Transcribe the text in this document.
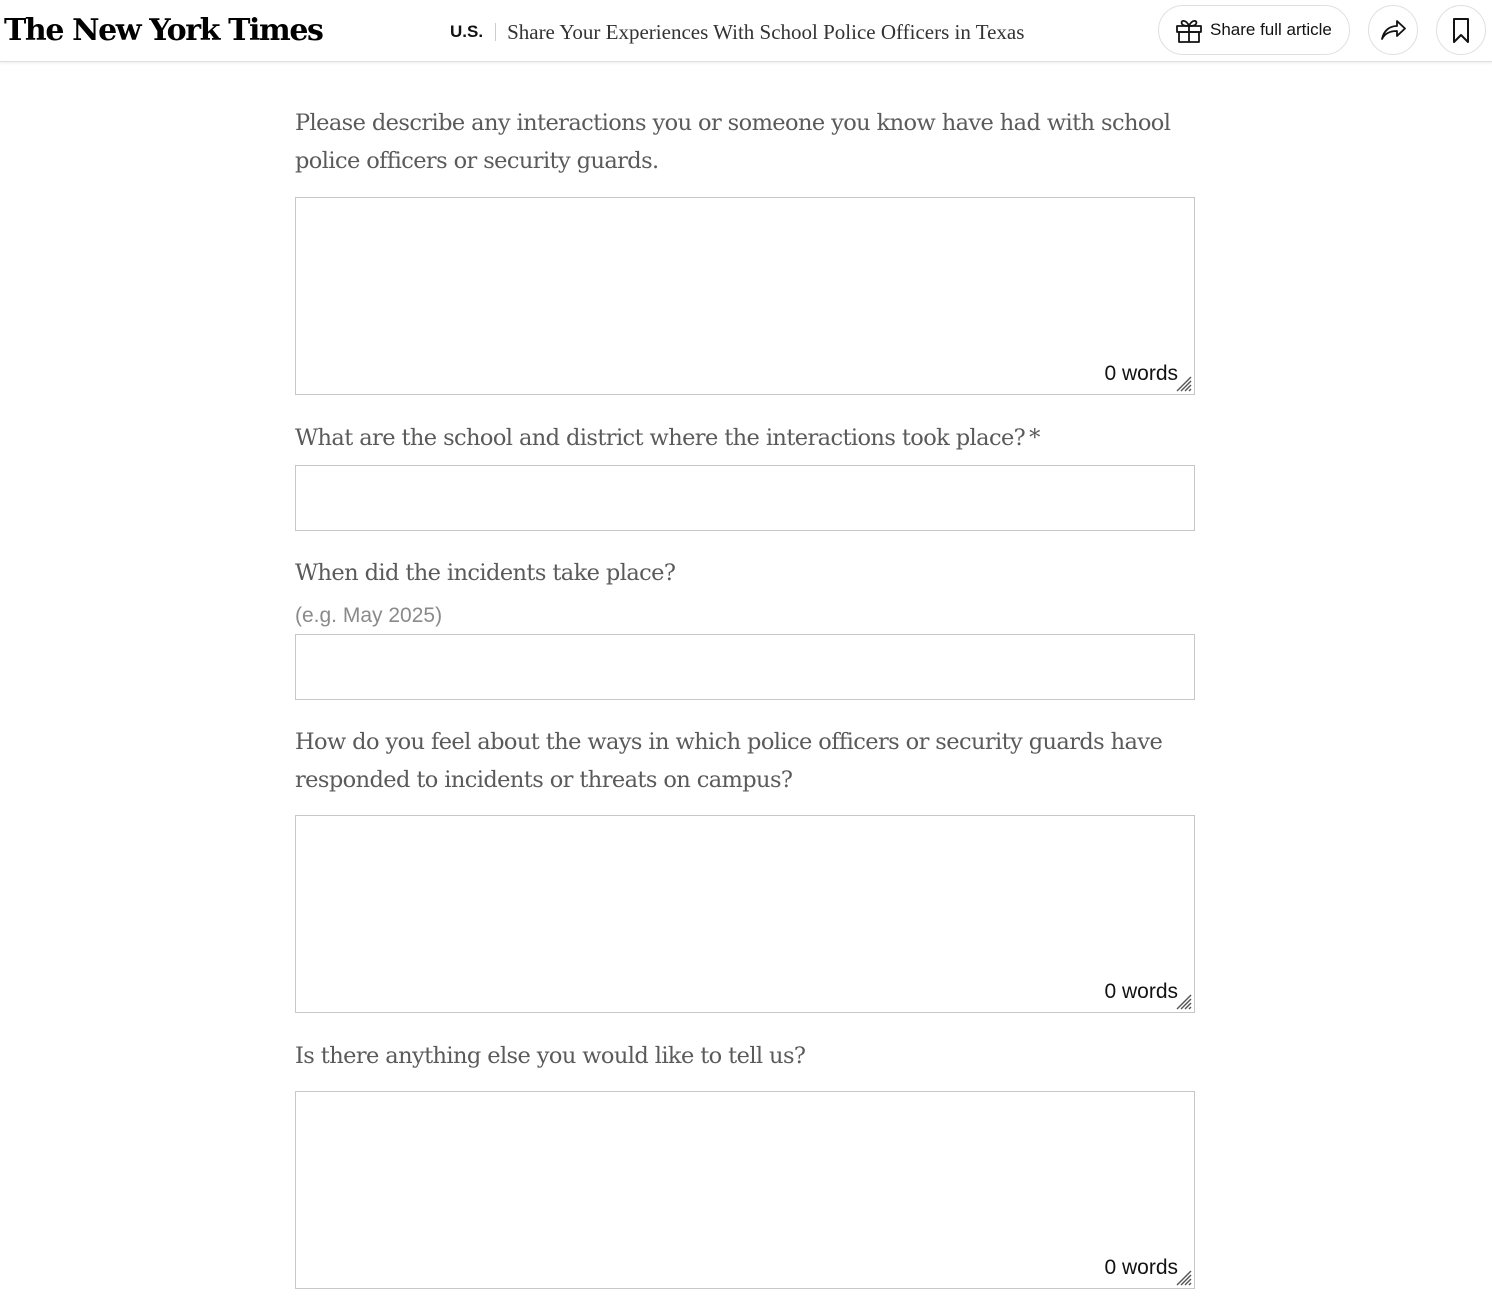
The New York Times	U.S. Share Your Experiences With School Police Officers in Texas	Share full article
Please describe any interactions you or someone you know have had with school police officers or security guards.
0 words
What are the school and district where the interactions took place? *
When did the incidents take place?
(e.g. May 2025)
How do you feel about the ways in which police officers or security guards have responded to incidents or threats on campus?
0 words
Is there anything else you would like to tell us?
0 words
